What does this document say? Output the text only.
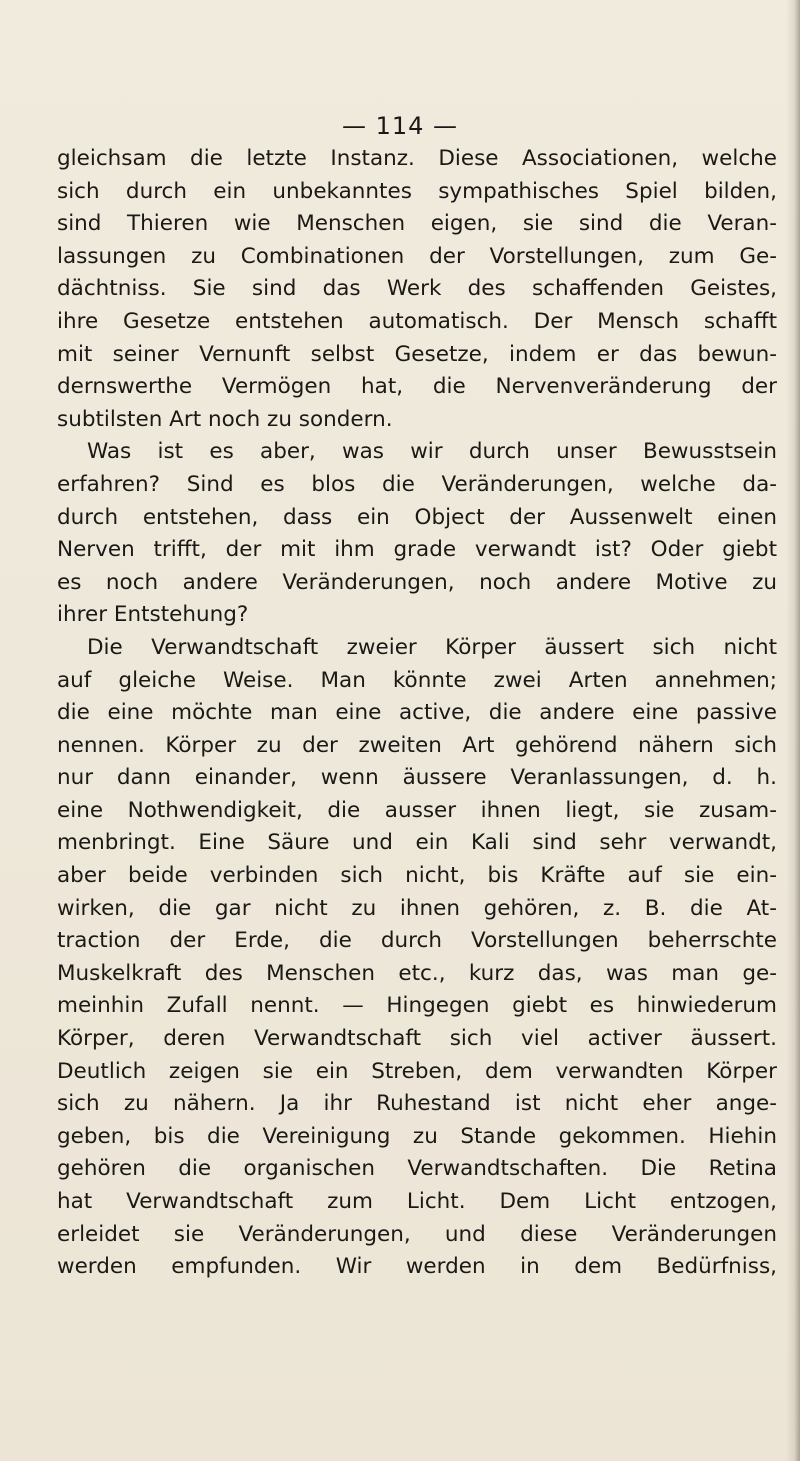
— 114 —
gleichsam die letzte Instanz. Diese Associationen, welche
sich durch ein unbekanntes sympathisches Spiel bilden,
sind Thieren wie Menschen eigen, sie sind die Veran-
lassungen zu Combinationen der Vorstellungen, zum Ge-
dächtniss. Sie sind das Werk des schaffenden Geistes,
ihre Gesetze entstehen automatisch. Der Mensch schafft
mit seiner Vernunft selbst Gesetze, indem er das bewun-
dernswerthe Vermögen hat, die Nervenveränderung der
subtilsten Art noch zu sondern.
Was ist es aber, was wir durch unser Bewusstsein
erfahren? Sind es blos die Veränderungen, welche da-
durch entstehen, dass ein Object der Aussenwelt einen
Nerven trifft, der mit ihm grade verwandt ist? Oder giebt
es noch andere Veränderungen, noch andere Motive zu
ihrer Entstehung?
Die Verwandtschaft zweier Körper äussert sich nicht
auf gleiche Weise. Man könnte zwei Arten annehmen;
die eine möchte man eine active, die andere eine passive
nennen. Körper zu der zweiten Art gehörend nähern sich
nur dann einander, wenn äussere Veranlassungen, d. h.
eine Nothwendigkeit, die ausser ihnen liegt, sie zusam-
menbringt. Eine Säure und ein Kali sind sehr verwandt,
aber beide verbinden sich nicht, bis Kräfte auf sie ein-
wirken, die gar nicht zu ihnen gehören, z. B. die At-
traction der Erde, die durch Vorstellungen beherrschte
Muskelkraft des Menschen etc., kurz das, was man ge-
meinhin Zufall nennt. — Hingegen giebt es hinwiederum
Körper, deren Verwandtschaft sich viel activer äussert.
Deutlich zeigen sie ein Streben, dem verwandten Körper
sich zu nähern. Ja ihr Ruhestand ist nicht eher ange-
geben, bis die Vereinigung zu Stande gekommen. Hiehin
gehören die organischen Verwandtschaften. Die Retina
hat Verwandtschaft zum Licht. Dem Licht entzogen,
erleidet sie Veränderungen, und diese Veränderungen
werden empfunden. Wir werden in dem Bedürfniss,
